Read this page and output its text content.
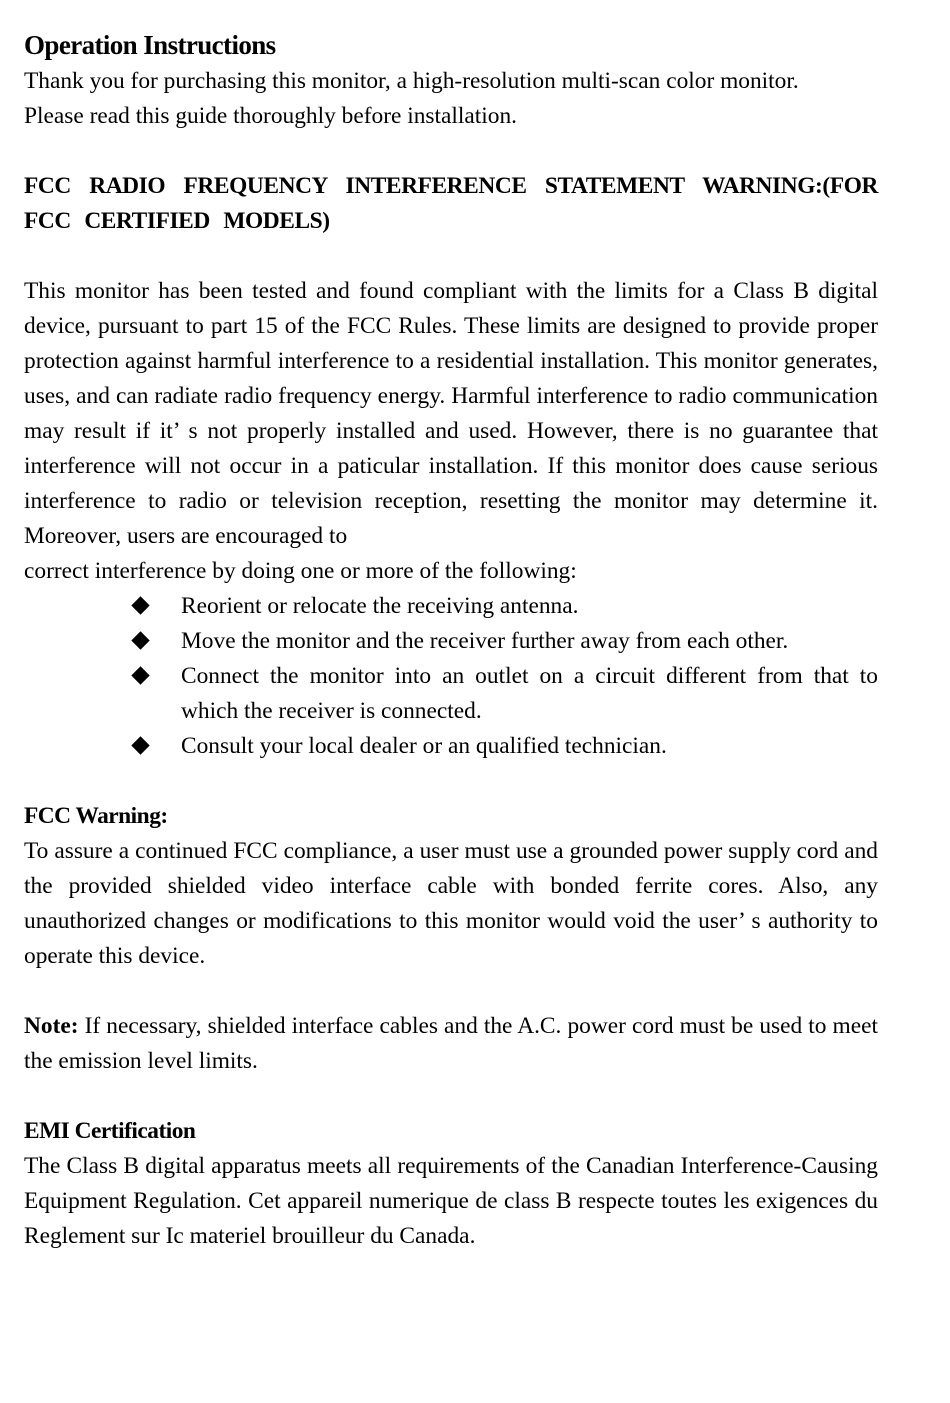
Operation Instructions

Thank you for purchasing this monitor, a high-resolution multi-scan color monitor.

Please read this guide thoroughly before installation.

FCC RADIO FREQUENCY INTERFERENCE STATEMENT WARNING:(FOR FCC CERTIFIED MODELS)

This monitor has been tested and found compliant with the limits for a Class B digital device, pursuant to part 15 of the FCC Rules. These limits are designed to provide proper protection against harmful interference to a residential installation. This monitor generates, uses, and can radiate radio frequency energy. Harmful interference to radio communication may result if it’ s not properly installed and used. However, there is no guarantee that interference will not occur in a paticular installation. If this monitor does cause serious interference to radio or television reception, resetting the monitor may determine it. Moreover, users are encouraged to

correct interference by doing one or more of the following:

Reorient or relocate the receiving antenna.
Move the monitor and the receiver further away from each other.
Connect the monitor into an outlet on a circuit different from that to which the receiver is connected.
Consult your local dealer or an qualified technician.

FCC Warning:

To assure a continued FCC compliance, a user must use a grounded power supply cord and the provided shielded video interface cable with bonded ferrite cores. Also, any unauthorized changes or modifications to this monitor would void the user’ s authority to operate this device.

Note: If necessary, shielded interface cables and the A.C. power cord must be used to meet the emission level limits.

EMI Certification

The Class B digital apparatus meets all requirements of the Canadian Interference-Causing Equipment Regulation. Cet appareil numerique de class B respecte toutes les exigences du Reglement sur Ic materiel brouilleur du Canada.
